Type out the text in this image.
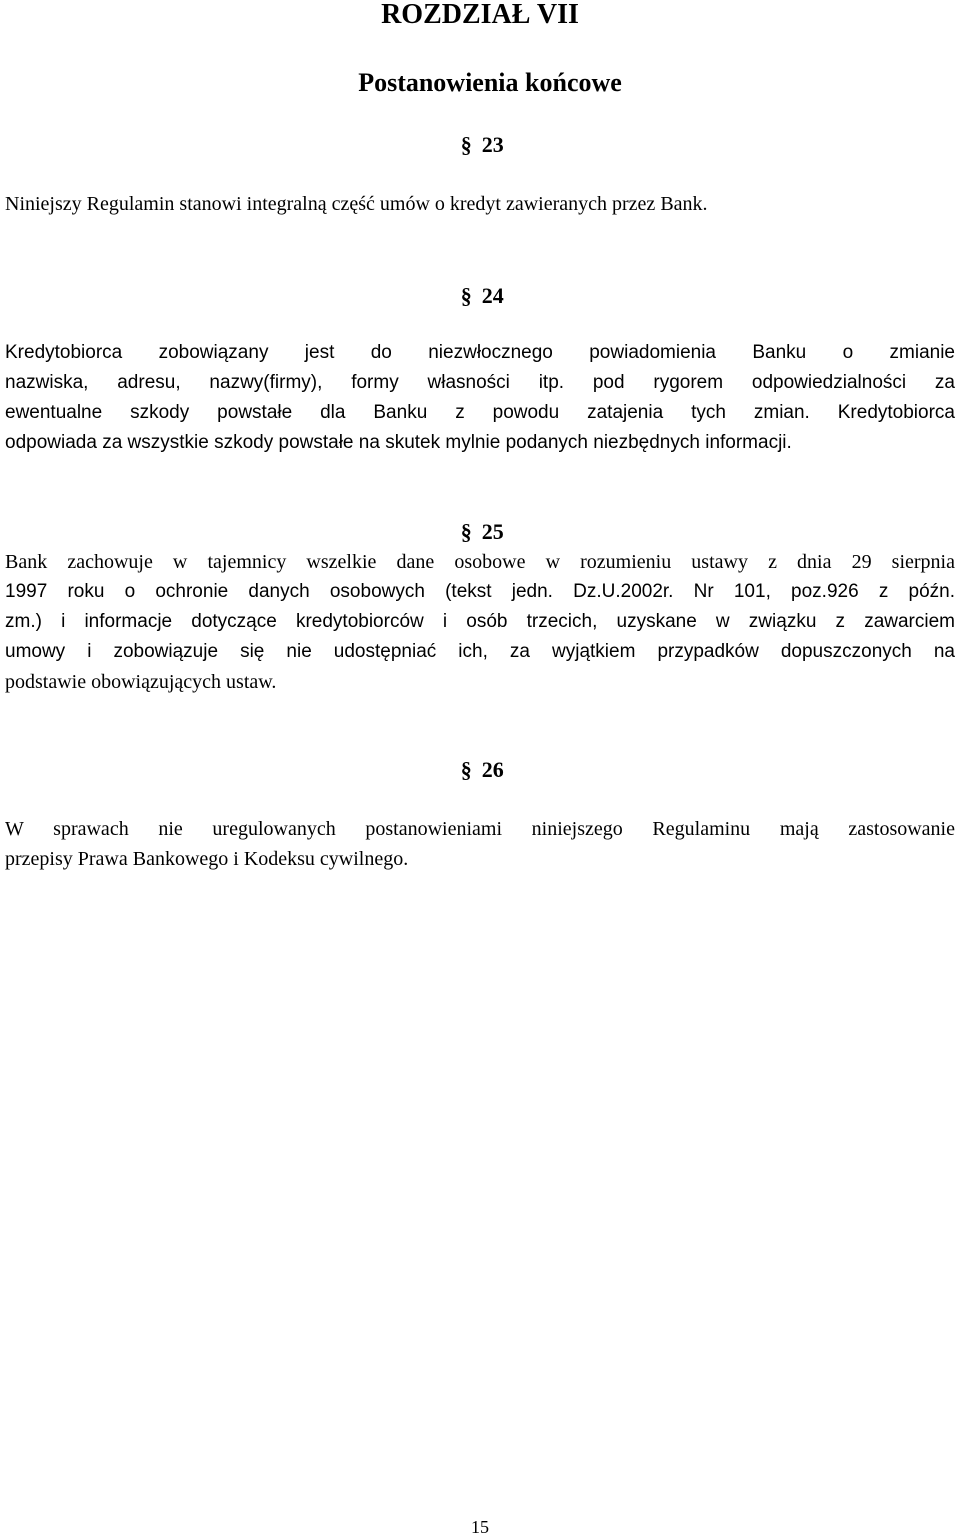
ROZDZIAŁ VII
Postanowienia końcowe
§ 23
Niniejszy Regulamin stanowi integralną część umów o kredyt zawieranych przez Bank.
§ 24
Kredytobiorca zobowiązany jest do niezwłocznego powiadomienia Banku o zmianie
nazwiska, adresu, nazwy(firmy), formy własności itp. pod rygorem odpowiedzialności za
ewentualne szkody powstałe dla Banku z powodu zatajenia tych zmian. Kredytobiorca
odpowiada za wszystkie szkody powstałe na skutek mylnie podanych niezbędnych informacji.
§ 25
Bank zachowuje w tajemnicy wszelkie dane osobowe w rozumieniu ustawy z dnia 29 sierpnia
1997 roku o ochronie danych osobowych (tekst jedn. Dz.U.2002r. Nr 101, poz.926 z późn.
zm.) i informacje dotyczące kredytobiorców i osób trzecich, uzyskane w związku z zawarciem
umowy i zobowiązuje się nie udostępniać ich, za wyjątkiem przypadków dopuszczonych na
podstawie obowiązujących ustaw.
§ 26
W sprawach nie uregulowanych postanowieniami niniejszego Regulaminu mają zastosowanie
przepisy Prawa Bankowego i Kodeksu cywilnego.
15
